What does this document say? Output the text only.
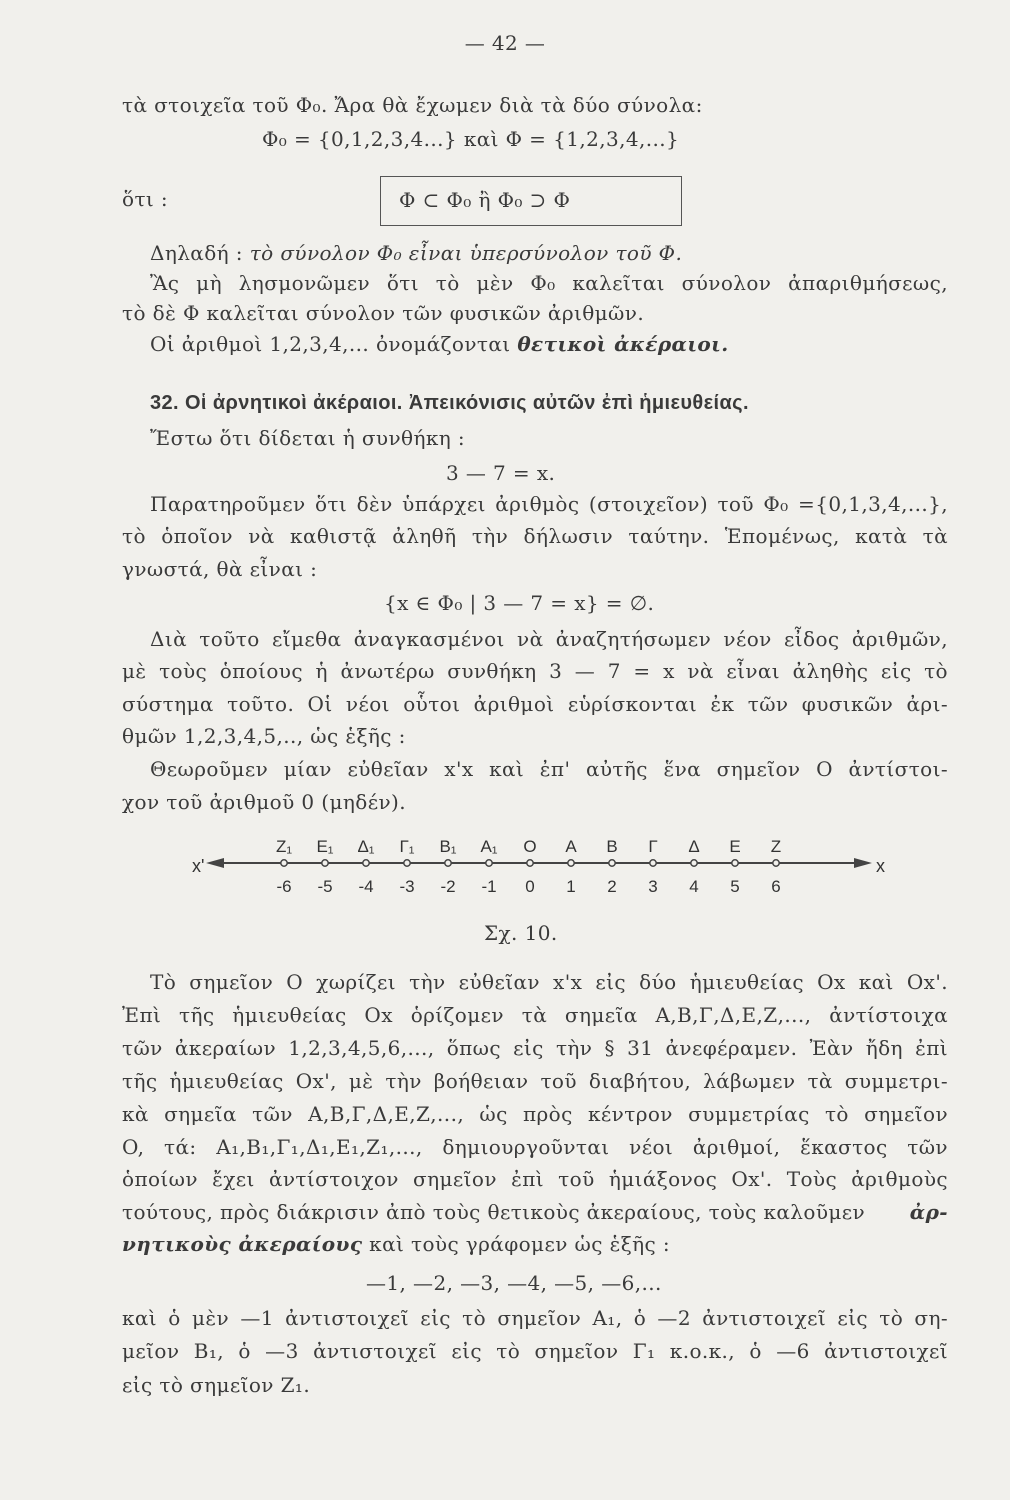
— 42 —
τὰ στοιχεῖα τοῦ Φ₀. Ἄρα θὰ ἔχωμεν διὰ τὰ δύο σύνολα:
Φ₀ = {0,1,2,3,4...} καὶ Φ = {1,2,3,4,...}
ὅτι :	Φ ⊂ Φ₀ ἢ Φ₀ ⊃ Φ
Δηλαδή : τὸ σύνολον Φ₀ εἶναι ὑπερσύνολον τοῦ Φ.
Ἂς μὴ λησμονῶμεν ὅτι τὸ μὲν Φ₀ καλεῖται σύνολον ἀπαριθμήσεως,
τὸ δὲ Φ καλεῖται σύνολον τῶν φυσικῶν ἀριθμῶν.
Οἱ ἀριθμοὶ 1,2,3,4,... ὀνομάζονται θετικοὶ ἀκέραιοι.
32. Οἱ ἀρνητικοὶ ἀκέραιοι. Ἀπεικόνισις αὐτῶν ἐπὶ ἡμιευθείας.
Ἔστω ὅτι δίδεται ἡ συνθήκη :
3 — 7 = x.
Παρατηροῦμεν ὅτι δὲν ὑπάρχει ἀριθμὸς (στοιχεῖον) τοῦ Φ₀ ={0,1,3,4,...},
τὸ ὁποῖον νὰ καθιστᾷ ἀληθῆ τὴν δήλωσιν ταύτην. Ἑπομένως, κατὰ τὰ
γνωστά, θὰ εἶναι :
{x ∈ Φ₀ | 3 — 7 = x} = ∅.
Διὰ τοῦτο εἴμεθα ἀναγκασμένοι νὰ ἀναζητήσωμεν νέον εἶδος ἀριθμῶν,
μὲ τοὺς ὁποίους ἡ ἀνωτέρω συνθήκη 3 — 7 = x νὰ εἶναι ἀληθὴς εἰς τὸ
σύστημα τοῦτο. Οἱ νέοι οὗτοι ἀριθμοὶ εὑρίσκονται ἐκ τῶν φυσικῶν ἀρι-
θμῶν 1,2,3,4,5,.., ὡς ἑξῆς :
Θεωροῦμεν μίαν εὐθεῖαν x'x καὶ ἐπ' αὐτῆς ἕνα σημεῖον O ἀντίστοι-
χον τοῦ ἀριθμοῦ 0 (μηδέν).
x'	x
Z₁
-6
E₁
-5
Δ₁
-4
Γ₁
-3
B₁
-2
A₁
-1
O
0
A
1
B
2
Γ
3
Δ
4
E
5
Z
6
Σχ. 10.
Τὸ σημεῖον O χωρίζει τὴν εὐθεῖαν x'x εἰς δύο ἡμιευθείας Ox καὶ Ox'.
Ἐπὶ τῆς ἡμιευθείας Ox ὁρίζομεν τὰ σημεῖα Α,Β,Γ,Δ,Ε,Ζ,..., ἀντίστοιχα
τῶν ἀκεραίων 1,2,3,4,5,6,..., ὅπως εἰς τὴν § 31 ἀνεφέραμεν. Ἐὰν ἤδη ἐπὶ
τῆς ἡμιευθείας Ox', μὲ τὴν βοήθειαν τοῦ διαβήτου, λάβωμεν τὰ συμμετρι-
κὰ σημεῖα τῶν Α,Β,Γ,Δ,Ε,Ζ,..., ὡς πρὸς κέντρον συμμετρίας τὸ σημεῖον
O, τά: Α₁,Β₁,Γ₁,Δ₁,Ε₁,Ζ₁,..., δημιουργοῦνται νέοι ἀριθμοί, ἕκαστος τῶν
ὁποίων ἔχει ἀντίστοιχον σημεῖον ἐπὶ τοῦ ἡμιάξονος Ox'. Τοὺς ἀριθμοὺς
τούτους, πρὸς διάκρισιν ἀπὸ τοὺς θετικοὺς ἀκεραίους, τοὺς καλοῦμεν ἀρ-
νητικοὺς ἀκεραίους καὶ τοὺς γράφομεν ὡς ἑξῆς :
—1, —2, —3, —4, —5, —6,...
καὶ ὁ μὲν —1 ἀντιστοιχεῖ εἰς τὸ σημεῖον Α₁, ὁ —2 ἀντιστοιχεῖ εἰς τὸ ση-
μεῖον Β₁, ὁ —3 ἀντιστοιχεῖ εἰς τὸ σημεῖον Γ₁ κ.ο.κ., ὁ —6 ἀντιστοιχεῖ
εἰς τὸ σημεῖον Ζ₁.
